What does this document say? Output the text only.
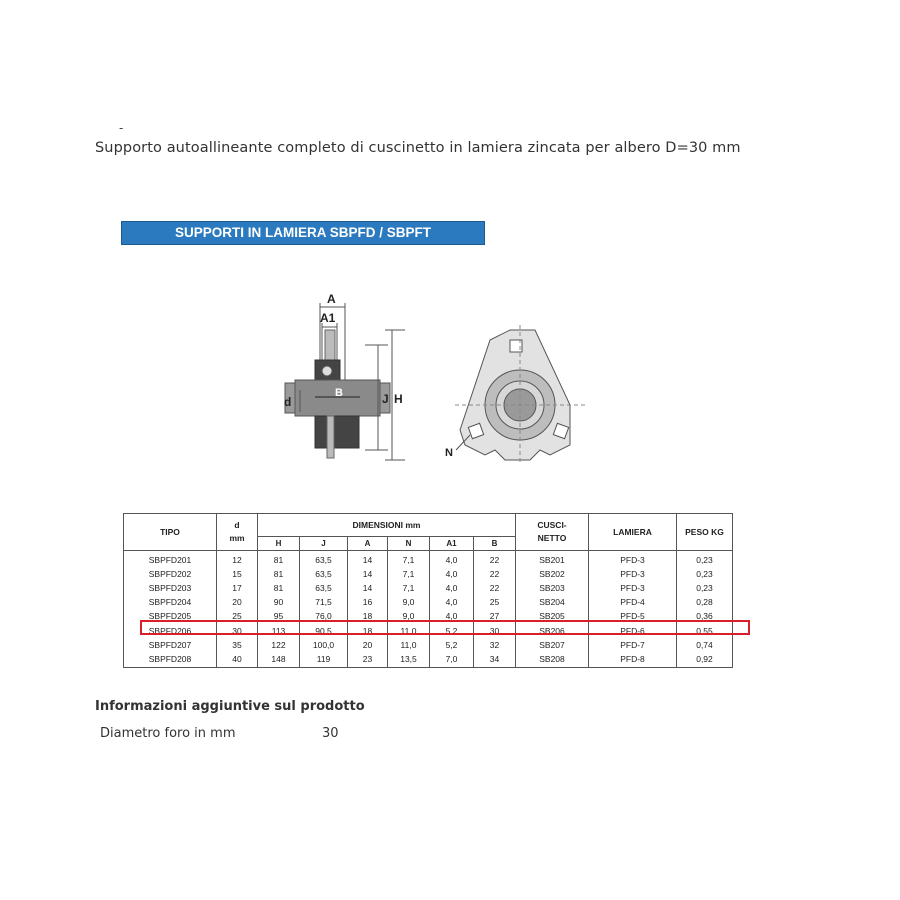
-
Supporto autoallineante completo di cuscinetto in lamiera zincata per albero D=30 mm
SUPPORTI IN LAMIERA SBPFD / SBPFT
A
A1
B
d	J H
N
TIPO	d
mm	DIMENSIONI mm						CUSCI-
NETTO	LAMIERA	PESO KG
		H	J	A	N	A1	B			
SBPFD201	12	81	63,5	14	7,1	4,0	22	SB201	PFD-3	0,23
SBPFD202	15	81	63,5	14	7,1	4,0	22	SB202	PFD-3	0,23
SBPFD203	17	81	63,5	14	7,1	4,0	22	SB203	PFD-3	0,23
SBPFD204	20	90	71,5	16	9,0	4,0	25	SB204	PFD-4	0,28
SBPFD205	25	95	76,0	18	9,0	4,0	27	SB205	PFD-5	0,36
SBPFD206	30	113	90,5	18	11,0	5,2	30	SB206	PFD-6	0,55
SBPFD207	35	122	100,0	20	11,0	5,2	32	SB207	PFD-7	0,74
SBPFD208	40	148	119	23	13,5	7,0	34	SB208	PFD-8	0,92
Informazioni aggiuntive sul prodotto
Diametro foro in mm	30
